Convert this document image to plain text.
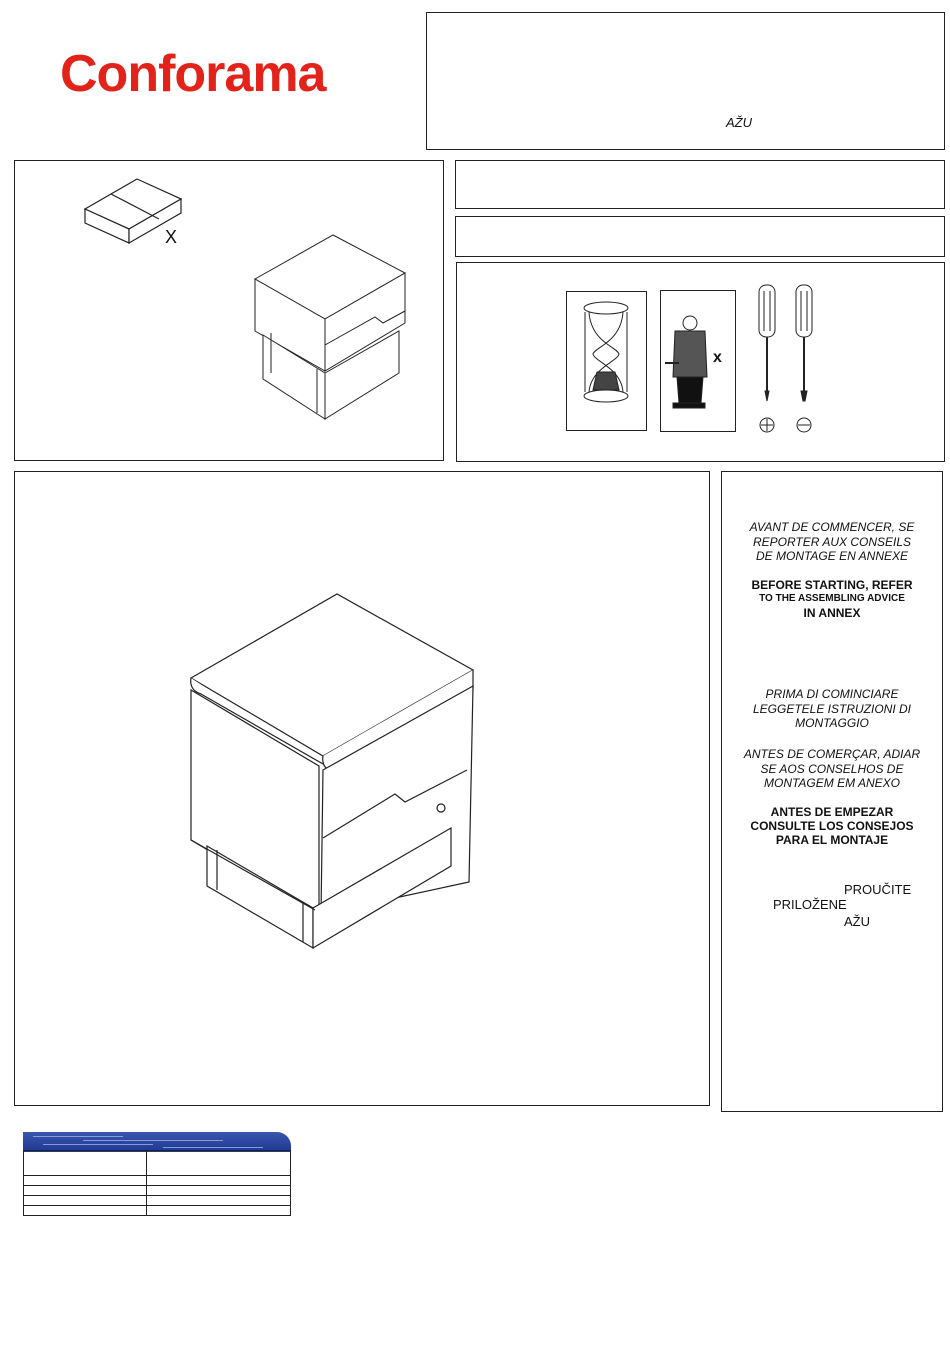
Conforama
AŽU
X
x
AVANT DE COMMENCER, SE
REPORTER AUX CONSEILS
DE MONTAGE EN ANNEXE
BEFORE STARTING, REFER
TO THE ASSEMBLING ADVICE
IN ANNEX
PRIMA DI COMINCIARE
LEGGETELE ISTRUZIONI DI
MONTAGGIO
ANTES DE COMERÇAR, ADIAR
SE AOS CONSELHOS DE
MONTAGEM EM ANEXO
ANTES DE EMPEZAR
CONSULTE LOS CONSEJOS
PARA EL MONTAJE
PROUČITE
PRILOŽENE
AŽU
